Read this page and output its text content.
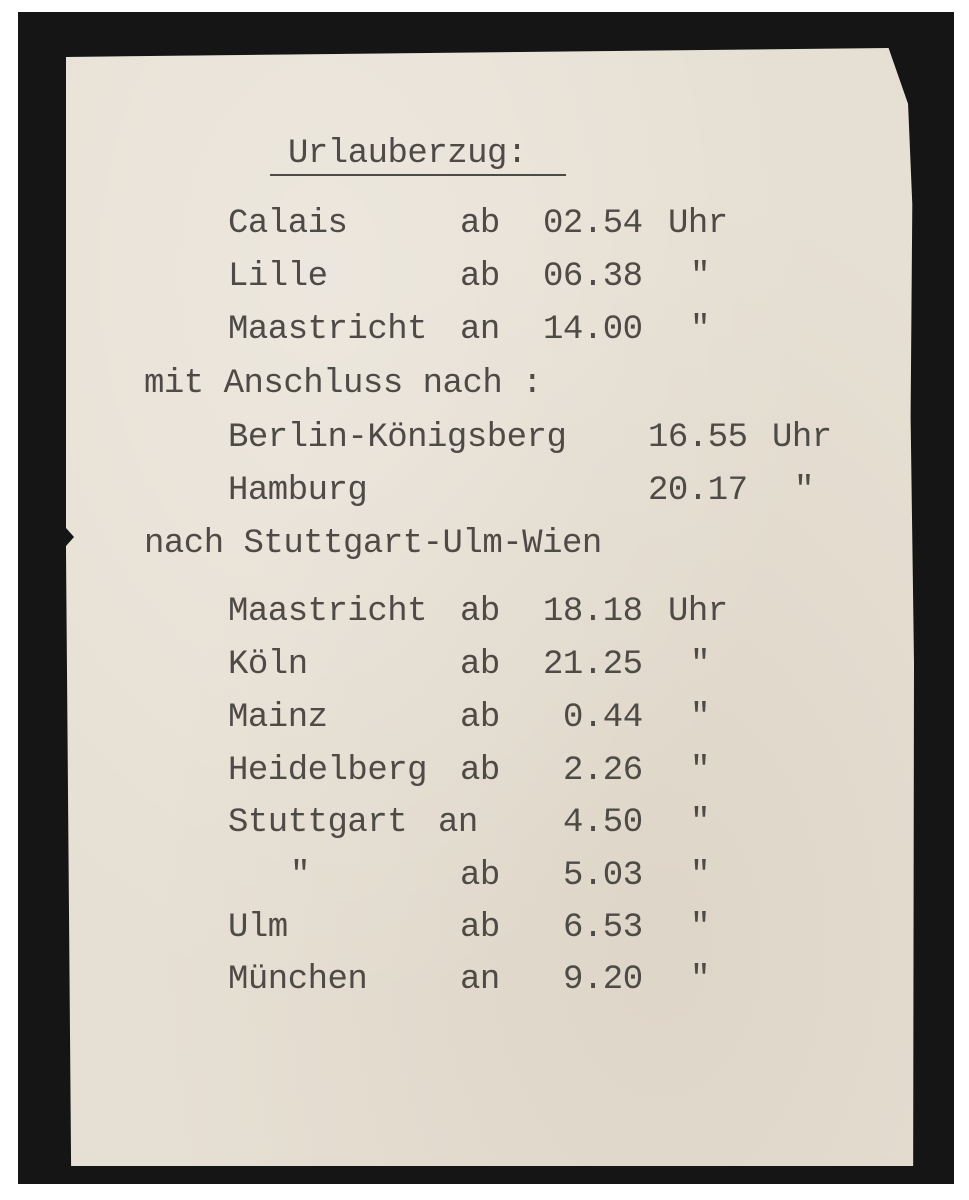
Urlauberzug:
Calais	ab 02.54 Uhr
Lille	ab 06.38 "
Maastricht an 14.00 "
mit Anschluss nach :
Berlin-Königsberg 16.55 Uhr
Hamburg	20.17 "
nach Stuttgart-Ulm-Wien
Maastricht ab 18.18 Uhr
Köln	ab 21.25 "
Mainz	ab 0.44 "
Heidelberg ab 2.26 "
Stuttgart an	4.50 "
"	ab 5.03 "
Ulm	ab 6.53 "
München	an 9.20 "
